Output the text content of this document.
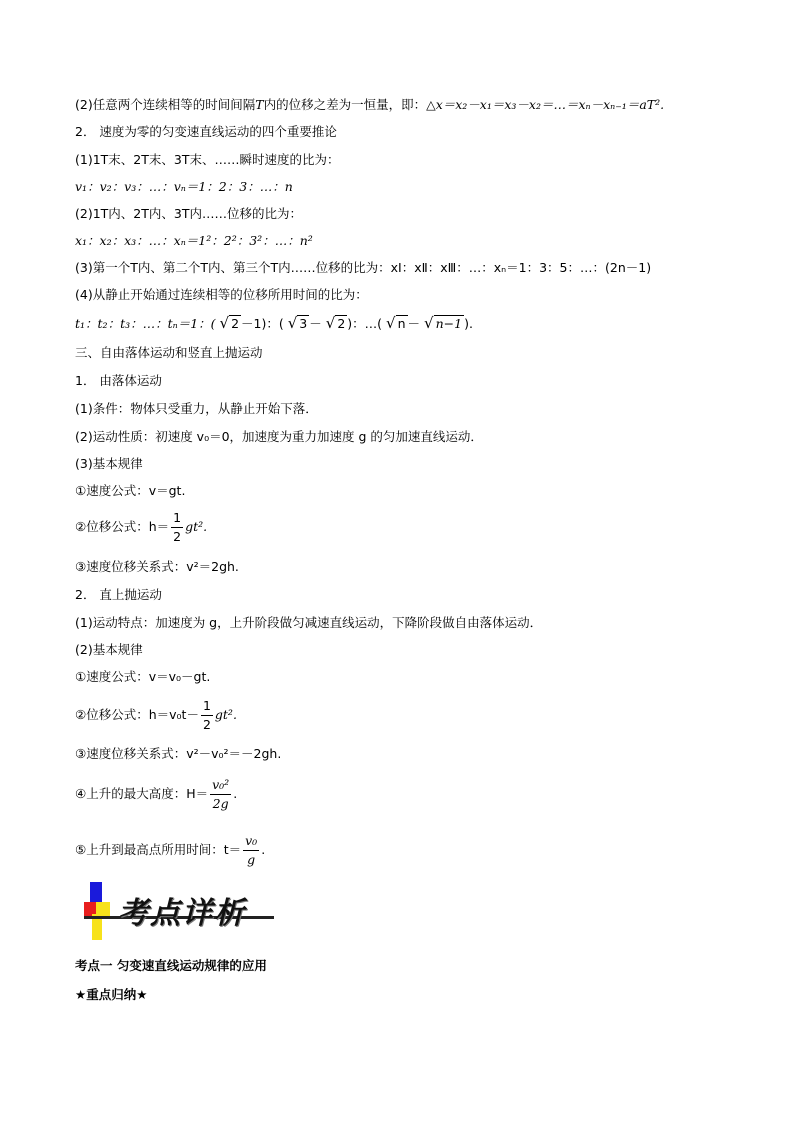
(2)任意两个连续相等的时间间隔T内的位移之差为一恒量，即：△x＝x₂－x₁＝x₃－x₂＝…＝xₙ－xₙ₋₁＝aT².
2． 速度为零的匀变速直线运动的四个重要推论
(1)1T末、2T末、3T末、……瞬时速度的比为：
v₁：v₂：v₃：…：vₙ＝1：2：3：…：n
(2)1T内、2T内、3T内……位移的比为：
x₁：x₂：x₃：…：xₙ＝1²：2²：3²：…：n²
(3)第一个T内、第二个T内、第三个T内……位移的比为：xⅠ：xⅡ：xⅢ：…：xₙ＝1：3：5：…：(2n－1)
(4)从静止开始通过连续相等的位移所用时间的比为：
t₁：t₂：t₃：…：tₙ＝1：( √ 2 －1)：( √ 3 － √ 2 )：…( √ n － √ n−1 ).
三、自由落体运动和竖直上抛运动
1． 由落体运动
(1)条件：物体只受重力，从静止开始下落．
(2)运动性质：初速度 v₀＝0，加速度为重力加速度 g 的匀加速直线运动．
(3)基本规律
①速度公式：v＝gt.
②位移公式：$h= \frac{1}{2} gt^2$.
③速度位移关系式：v²＝2gh.
2． 直上抛运动
(1)运动特点：加速度为 g，上升阶段做匀减速直线运动，下降阶段做自由落体运动．
(2)基本规律
①速度公式：v＝v₀－gt.
②位移公式：$h=v_0t- \frac{1}{2} gt^2$.
③速度位移关系式：v²－v₀²＝－2gh.
④上升的最大高度：$H= \frac{\text{v₀²}}{2g}$ .
⑤上升到最高点所用时间：$t= \frac{\text{v₀}}{g}$ .
考点详析
考点一 匀变速直线运动规律的应用
★重点归纳★
